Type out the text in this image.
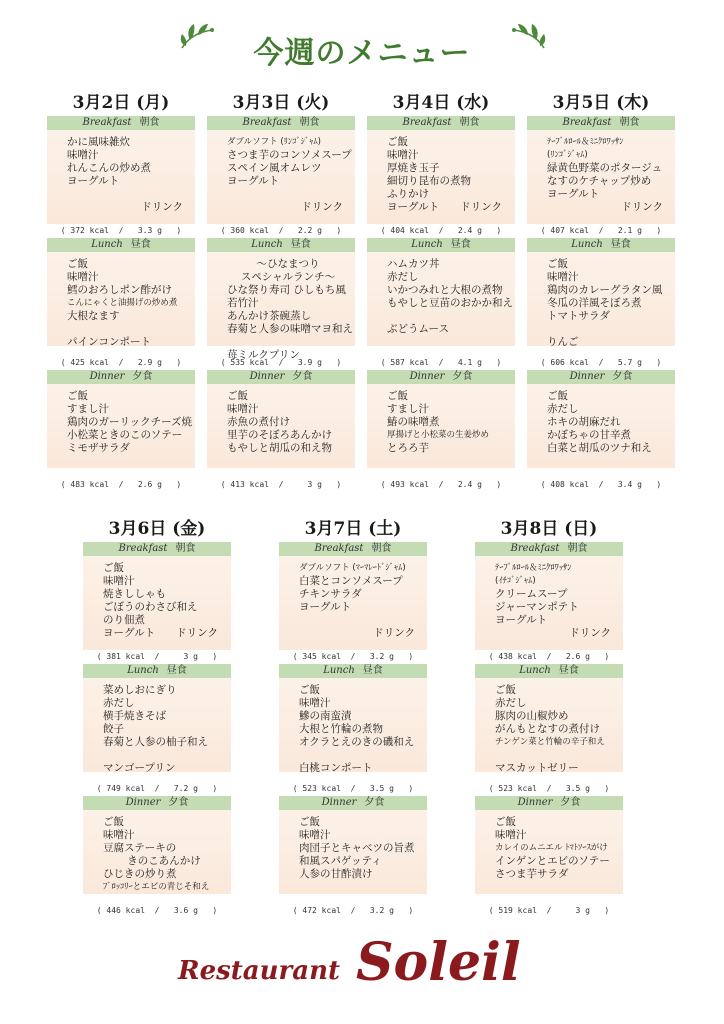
今週のメニュー
3月2日 (月)
Breakfast 朝食
かに風味雑炊
味噌汁
れんこんの炒め煮
ヨーグルト

ドリンク
( 372 kcal  /   3.3 g   )
Lunch 昼食
ご飯
味噌汁
鱈のおろしポン酢がけ
こんにゃくと油揚げの炒め煮
大根なます

パインコンポート
( 425 kcal  /   2.9 g   )
Dinner 夕食
ご飯
すまし汁
鶏肉のガーリックチーズ焼
小松菜ときのこのソテー
ミモザサラダ
( 483 kcal  /   2.6 g   )
3月3日 (火)
Breakfast 朝食
ダブルソフト (ﾘﾝｺﾞｼﾞｬﾑ)
さつま芋のコンソメスープ
スペイン風オムレツ
ヨーグルト

ドリンク
( 360 kcal  /   2.2 g   )
Lunch 昼食
～ひなまつり
スペシャルランチ～
ひな祭り寿司 ひしもち風
若竹汁
あんかけ茶碗蒸し
春菊と人参の味噌マヨ和え

苺ミルクプリン
( 535 kcal  /   3.9 g   )
Dinner 夕食
ご飯
味噌汁
赤魚の煮付け
里芋のそぼろあんかけ
もやしと胡瓜の和え物
( 413 kcal  /     3 g   )
3月4日 (水)
Breakfast 朝食
ご飯
味噌汁
厚焼き玉子
細切り昆布の煮物
ふりかけ
ヨーグルト　　ドリンク
( 404 kcal  /   2.4 g   )
Lunch 昼食
ハムカツ丼
赤だし
いかつみれと大根の煮物
もやしと豆苗のおかか和え

ぶどうムース
( 587 kcal  /   4.1 g   )
Dinner 夕食
ご飯
すまし汁
鰆の味噌煮
厚揚げと小松菜の生姜炒め
とろろ芋
( 493 kcal  /   2.4 g   )
3月5日 (木)
Breakfast 朝食
ﾃｰﾌﾞﾙﾛｰﾙ＆ﾐﾆｸﾛﾜｯｻﾝ
(ﾘﾝｺﾞｼﾞｬﾑ)
緑黄色野菜のポタージュ
なすのケチャップ炒め
ヨーグルト
ドリンク
( 407 kcal  /   2.1 g   )
Lunch 昼食
ご飯
味噌汁
鶏肉のカレーグラタン風
冬瓜の洋風そぼろ煮
トマトサラダ

りんご
( 606 kcal  /   5.7 g   )
Dinner 夕食
ご飯
赤だし
ホキの胡麻だれ
かぼちゃの甘辛煮
白菜と胡瓜のツナ和え
( 408 kcal  /   3.4 g   )
3月6日 (金)
Breakfast 朝食
ご飯
味噌汁
焼きししゃも
ごぼうのわさび和え
のり佃煮
ヨーグルト　　ドリンク
( 381 kcal  /     3 g   )
Lunch 昼食
菜めしおにぎり
赤だし
横手焼きそば
餃子
春菊と人参の柚子和え

マンゴープリン
( 749 kcal  /   7.2 g   )
Dinner 夕食
ご飯
味噌汁
豆腐ステーキの
きのこあんかけ
ひじきの炒り煮
ﾌﾞﾛｯｺﾘｰとエビの青じそ和え
( 446 kcal  /   3.6 g   )
3月7日 (土)
Breakfast 朝食
ダブルソフト (ﾏｰﾏﾚｰﾄﾞｼﾞｬﾑ)
白菜とコンソメスープ
チキンサラダ
ヨーグルト

ドリンク
( 345 kcal  /   3.2 g   )
Lunch 昼食
ご飯
味噌汁
鰺の南蛮漬
大根と竹輪の煮物
オクラとえのきの磯和え

白桃コンポート
( 523 kcal  /   3.5 g   )
Dinner 夕食
ご飯
味噌汁
肉団子とキャベツの旨煮
和風スパゲッティ
人参の甘酢漬け
( 472 kcal  /   3.2 g   )
3月8日 (日)
Breakfast 朝食
ﾃｰﾌﾞﾙﾛｰﾙ＆ﾐﾆｸﾛﾜｯｻﾝ
(ｲﾁｺﾞｼﾞｬﾑ)
クリームスープ
ジャーマンポテト
ヨーグルト
ドリンク
( 438 kcal  /   2.6 g   )
Lunch 昼食
ご飯
赤だし
豚肉の山椒炒め
がんもとなすの煮付け
チンゲン菜と竹輪の辛子和え

マスカットゼリー
( 523 kcal  /   3.5 g   )
Dinner 夕食
ご飯
味噌汁
カレイのムニエル ﾄﾏﾄｿｰｽがけ
インゲンとエビのソテー
さつま芋サラダ
( 519 kcal  /     3 g   )
Restaurant Soleil
